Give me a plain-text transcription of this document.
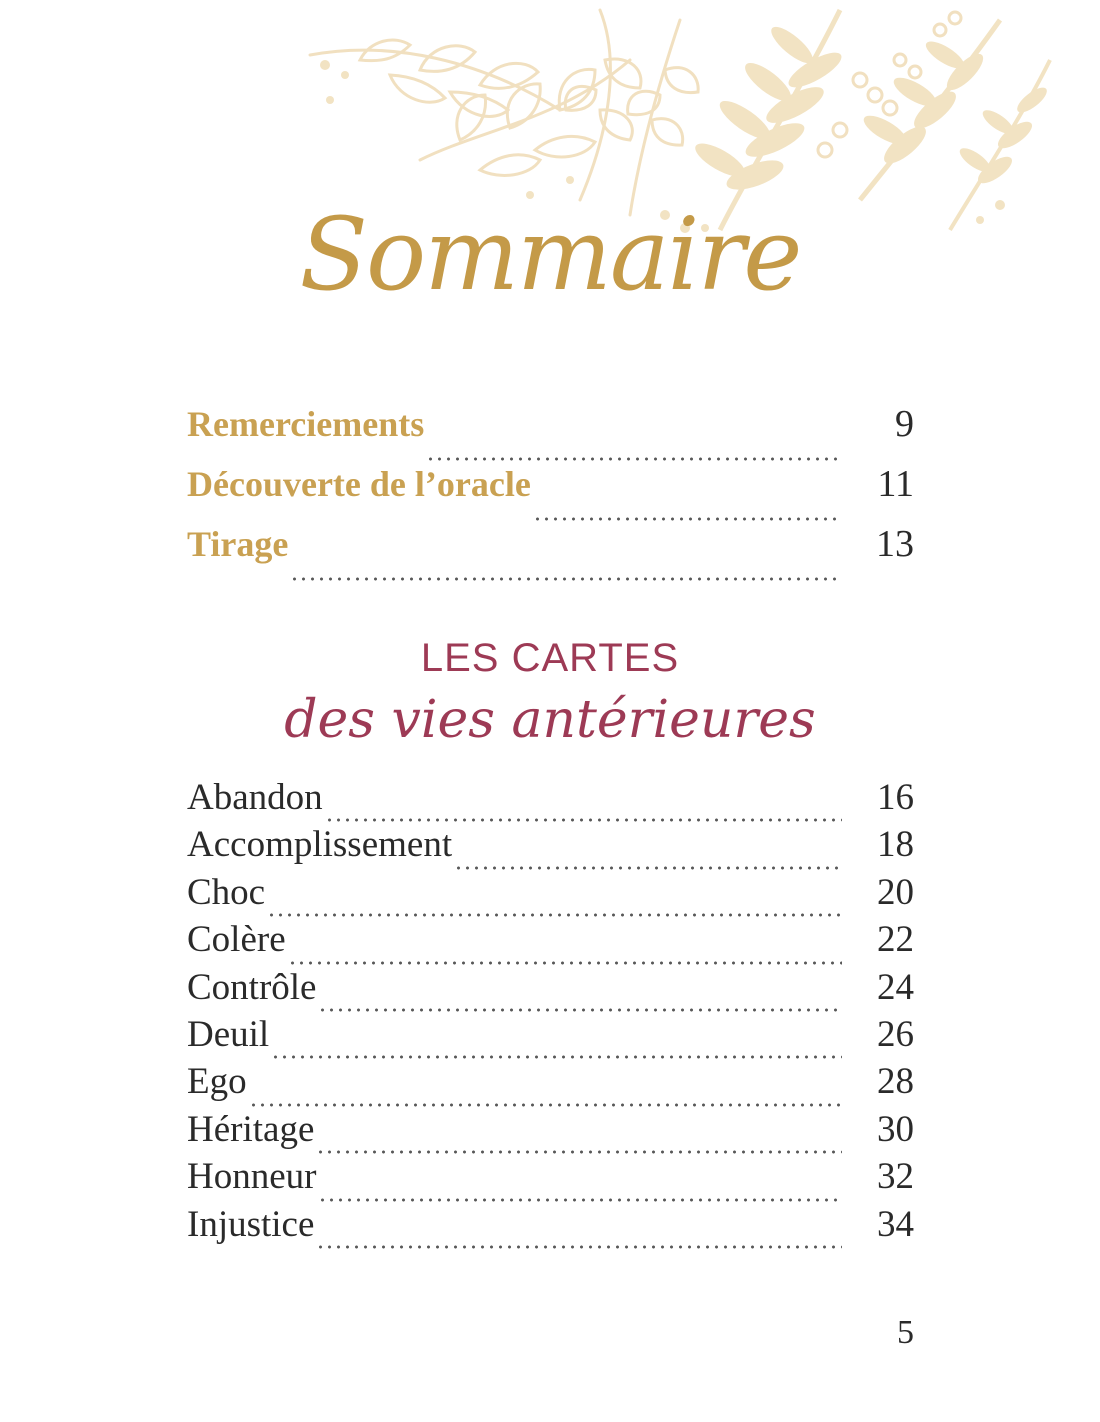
Sommaire
Remerciements	9
Découverte de l’oracle	11
Tirage	13
LES CARTES
des vies antérieures
Abandon	16
Accomplissement	18
Choc	20
Colère	22
Contrôle	24
Deuil	26
Ego	28
Héritage	30
Honneur	32
Injustice	34
5
